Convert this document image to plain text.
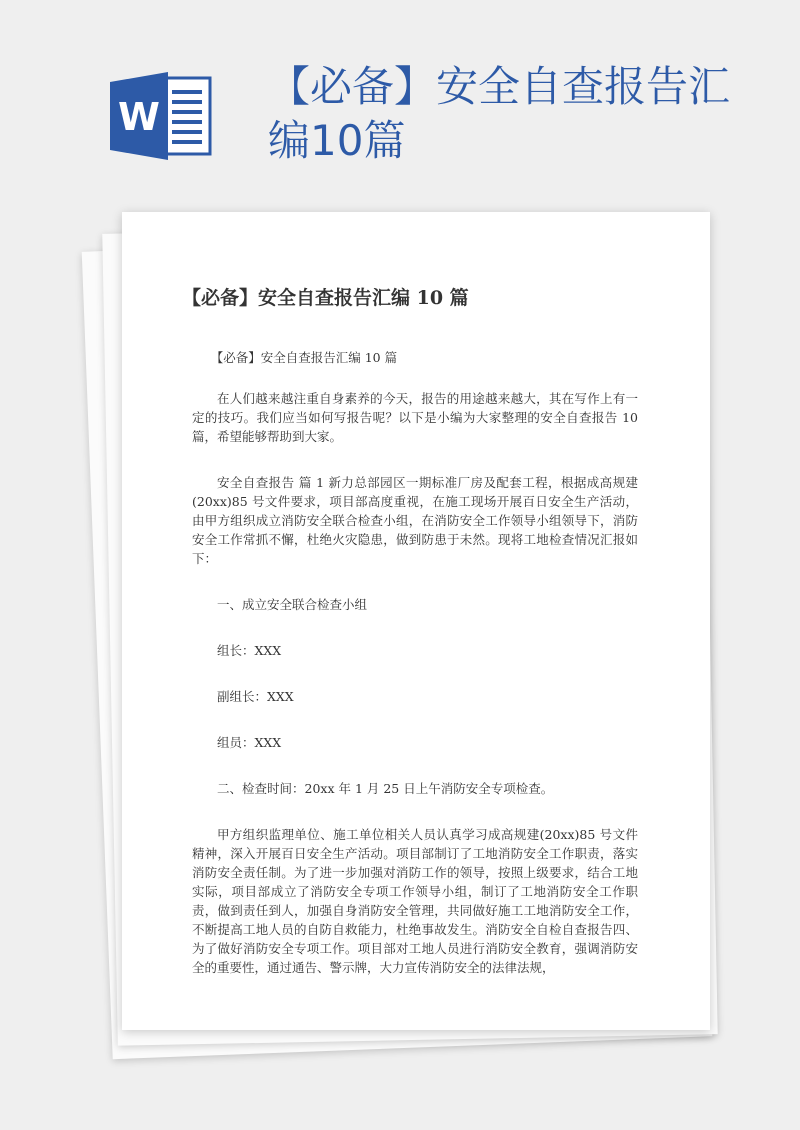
W
【必备】安全自查报告汇编10篇
【必备】安全自查报告汇编 10 篇

【必备】安全自查报告汇编 10 篇

在人们越来越注重自身素养的今天，报告的用途越来越大，其在写作上有一定的技巧。我们应当如何写报告呢？以下是小编为大家整理的安全自查报告 10 篇，希望能够帮助到大家。

安全自查报告 篇 1 新力总部园区一期标准厂房及配套工程，根据成高规建(20xx)85 号文件要求，项目部高度重视，在施工现场开展百日安全生产活动，由甲方组织成立消防安全联合检查小组，在消防安全工作领导小组领导下，消防安全工作常抓不懈，杜绝火灾隐患，做到防患于未然。现将工地检查情况汇报如下：

一、成立安全联合检查小组

组长：XXX

副组长：XXX

组员：XXX

二、检查时间：20xx 年 1 月 25 日上午消防安全专项检查。

甲方组织监理单位、施工单位相关人员认真学习成高规建(20xx)85 号文件精神，深入开展百日安全生产活动。项目部制订了工地消防安全工作职责，落实消防安全责任制。为了进一步加强对消防工作的领导，按照上级要求，结合工地实际，项目部成立了消防安全专项工作领导小组，制订了工地消防安全工作职责，做到责任到人，加强自身消防安全管理，共同做好施工工地消防安全工作，不断提高工地人员的自防自救能力，杜绝事故发生。消防安全自检自查报告四、为了做好消防安全专项工作。项目部对工地人员进行消防安全教育，强调消防安全的重要性，通过通告、警示牌，大力宣传消防安全的法律法规，
